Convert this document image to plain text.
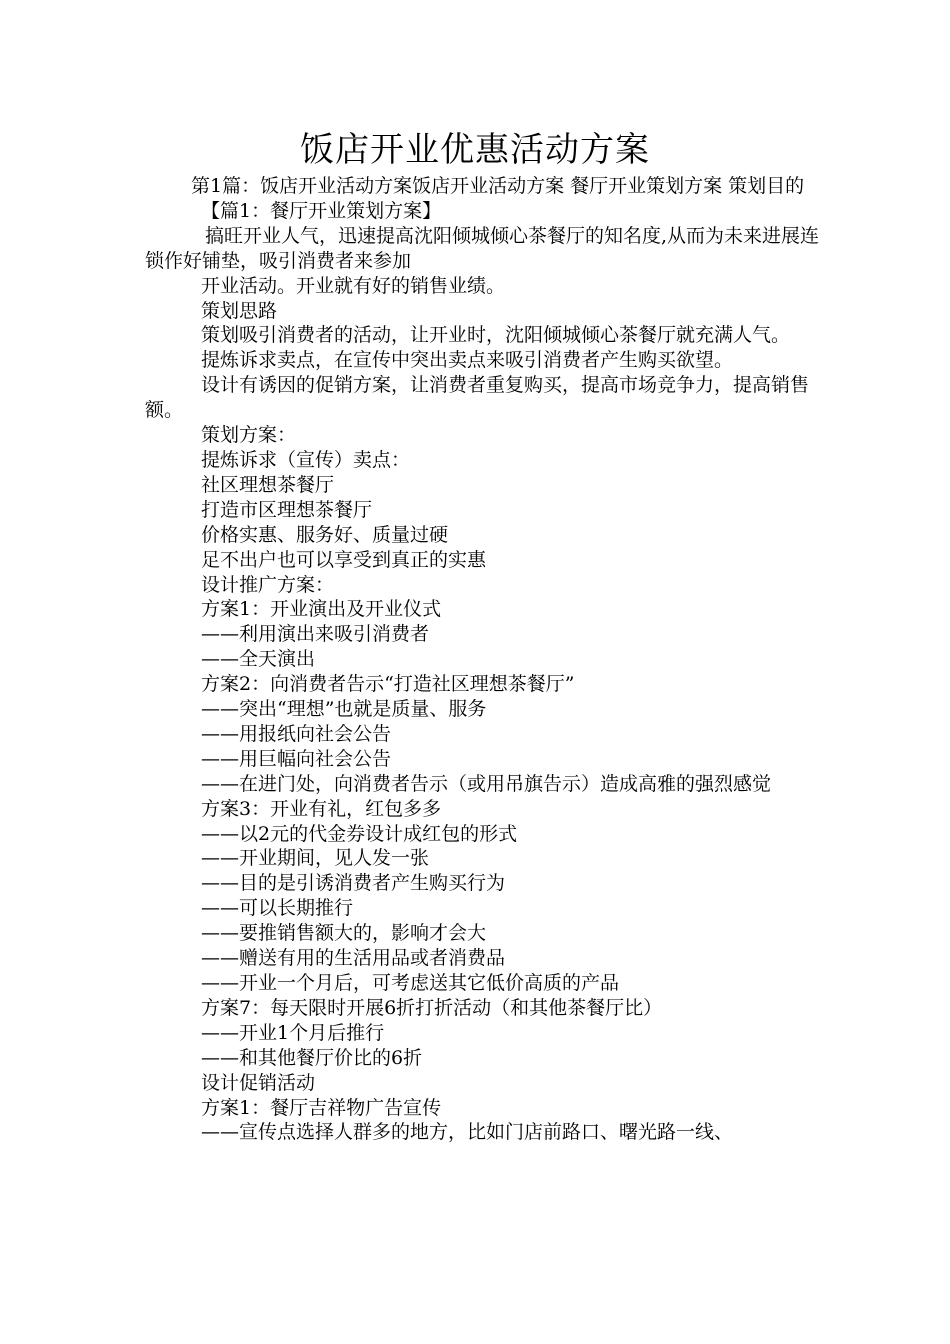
饭店开业优惠活动方案

第1篇：饭店开业活动方案饭店开业活动方案 餐厅开业策划方案 策划目的

【篇1：餐厅开业策划方案】

搞旺开业人气，迅速提高沈阳倾城倾心茶餐厅的知名度,从而为未来进展连锁作好铺垫，吸引消费者来参加

开业活动。开业就有好的销售业绩。

策划思路

策划吸引消费者的活动，让开业时，沈阳倾城倾心茶餐厅就充满人气。

提炼诉求卖点，在宣传中突出卖点来吸引消费者产生购买欲望。

设计有诱因的促销方案，让消费者重复购买，提高市场竞争力，提高销售额。

策划方案：

提炼诉求（宣传）卖点：

社区理想茶餐厅

打造市区理想茶餐厅

价格实惠、服务好、质量过硬

足不出户也可以享受到真正的实惠

设计推广方案：

方案1：开业演出及开业仪式

——利用演出来吸引消费者

——全天演出

方案2：向消费者告示“打造社区理想茶餐厅”

——突出“理想”也就是质量、服务

——用报纸向社会公告

——用巨幅向社会公告

——在进门处，向消费者告示（或用吊旗告示）造成高雅的强烈感觉

方案3：开业有礼，红包多多

——以2元的代金券设计成红包的形式

——开业期间，见人发一张

——目的是引诱消费者产生购买行为

——可以长期推行

——要推销售额大的，影响才会大

——赠送有用的生活用品或者消费品

——开业一个月后，可考虑送其它低价高质的产品

方案7：每天限时开展6折打折活动（和其他茶餐厅比）

——开业1个月后推行

——和其他餐厅价比的6折

设计促销活动

方案1：餐厅吉祥物广告宣传

——宣传点选择人群多的地方，比如门店前路口、曙光路一线、
